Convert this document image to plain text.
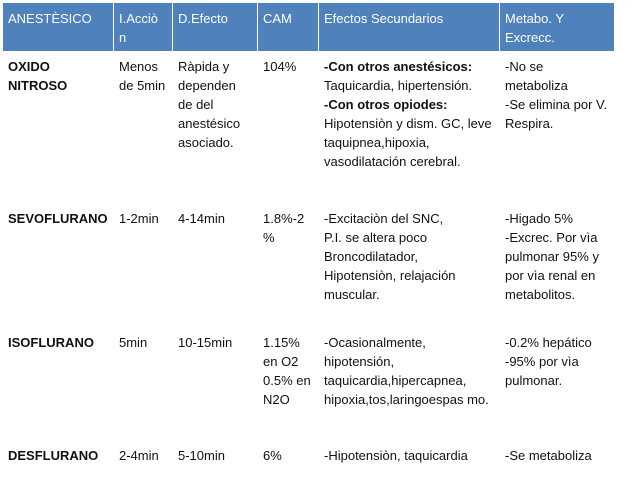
ANESTÈSICO	I.Acciò n	D.Efecto	CAM	Efectos Secundarios	Metabo. Y Excrecc.
OXIDO NITROSO	Menos de 5min	Ràpida y dependen de del anestésico asociado.	104%	-Con otros anestésicos:
Taquicardia, hipertensión.
-Con otros opiodes:
Hipotensiòn y dism. GC, leve taquipnea,hipoxia, vasodilatación cerebral.	-No se metaboliza
-Se elimina por V. Respira.

SEVOFLURANO	1-2min	4-14min	1.8%-2%	-Excitaciòn del SNC,
P.I. se altera poco
Broncodilatador,
Hipotensiòn, relajación muscular.	-Higado 5%
-Excrec. Por vìa pulmonar 95% y por vìa renal en metabolitos.

ISOFLURANO	5min	10-15min	1.15% en O2 0.5% en N2O	-Ocasionalmente, hipotensión, taquicardia,hipercapnea, hipoxia,tos,laringoespas mo.	-0.2% hepático
-95% por vìa pulmonar.

DESFLURANO	2-4min	5-10min	6%	-Hipotensiòn, taquicardia	-Se metaboliza
